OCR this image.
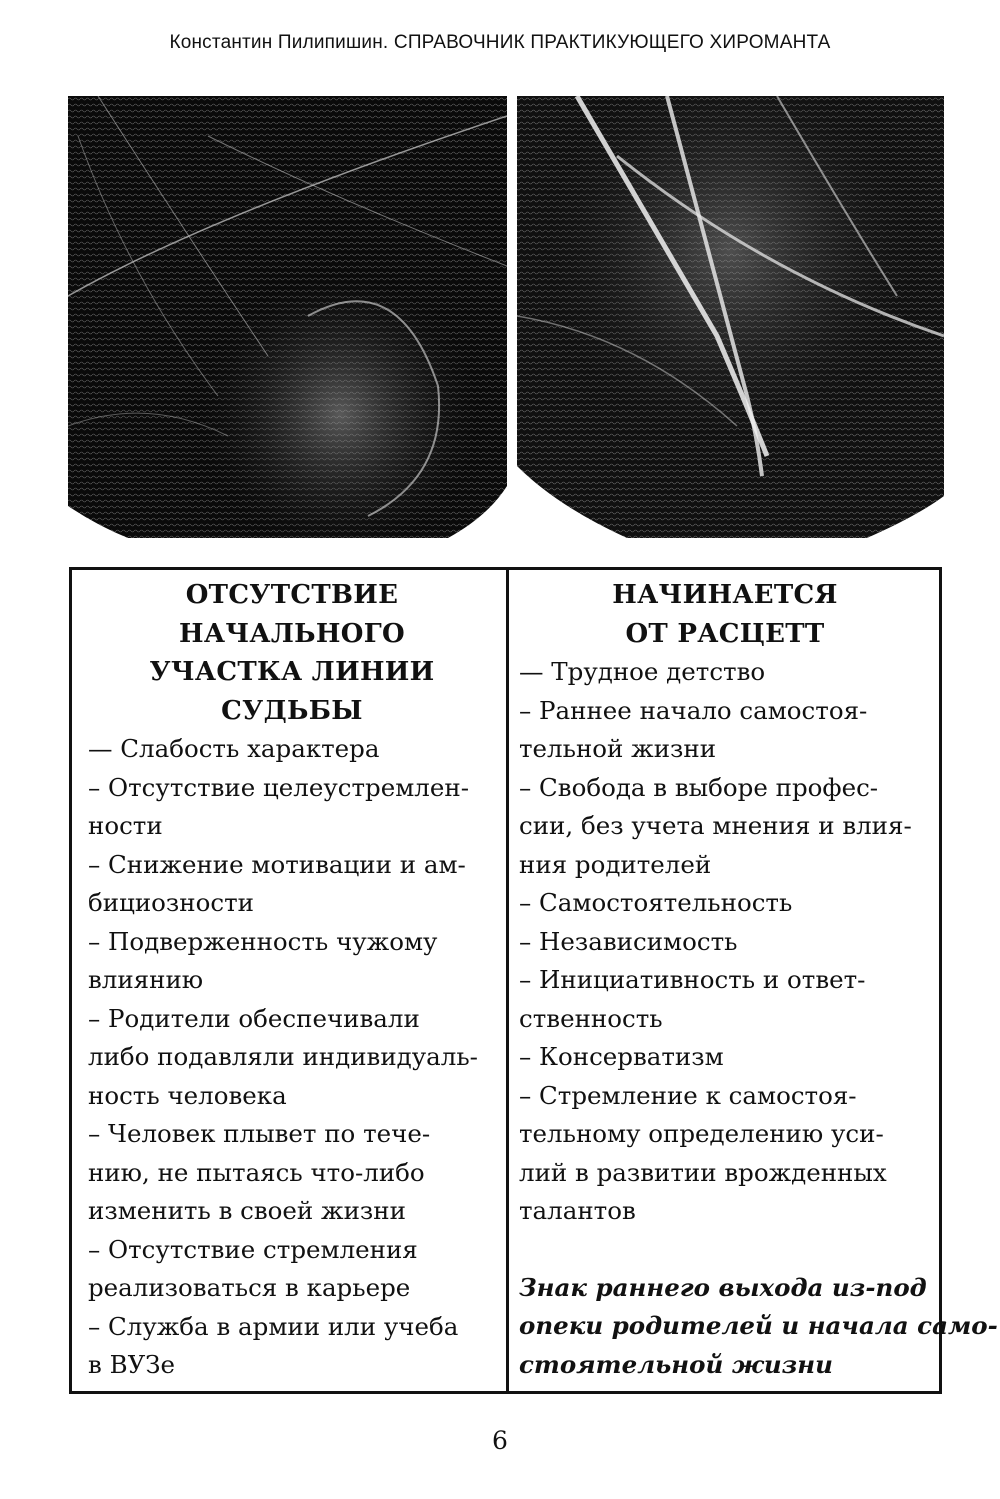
Константин Пилипишин. СПРАВОЧНИК ПРАКТИКУЮЩЕГО ХИРОМАНТА
ОТСУТСТВИЕ
НАЧАЛЬНОГО
УЧАСТКА ЛИНИИ
СУДЬБЫ
— Слабость характера
– Отсутствие целеустремлен-
ности
– Снижение мотивации и ам-
бициозности
– Подверженность чужому
влиянию
– Родители обеспечивали
либо подавляли индивидуаль-
ность человека
– Человек плывет по тече-
нию, не пытаясь что-либо
изменить в своей жизни
– Отсутствие стремления
реализоваться в карьере
– Служба в армии или учеба
в ВУЗе
НАЧИНАЕТСЯ
ОТ РАСЦЕТТ
— Трудное детство
– Раннее начало самостоя-
тельной жизни
– Свобода в выборе профес-
сии, без учета мнения и влия-
ния родителей
– Самостоятельность
– Независимость
– Инициативность и ответ-
ственность
– Консерватизм
– Стремление к самостоя-
тельному определению уси-
лий в развитии врожденных
талантов
Знак раннего выхода из-под
опеки родителей и начала само-
стоятельной жизни
6
